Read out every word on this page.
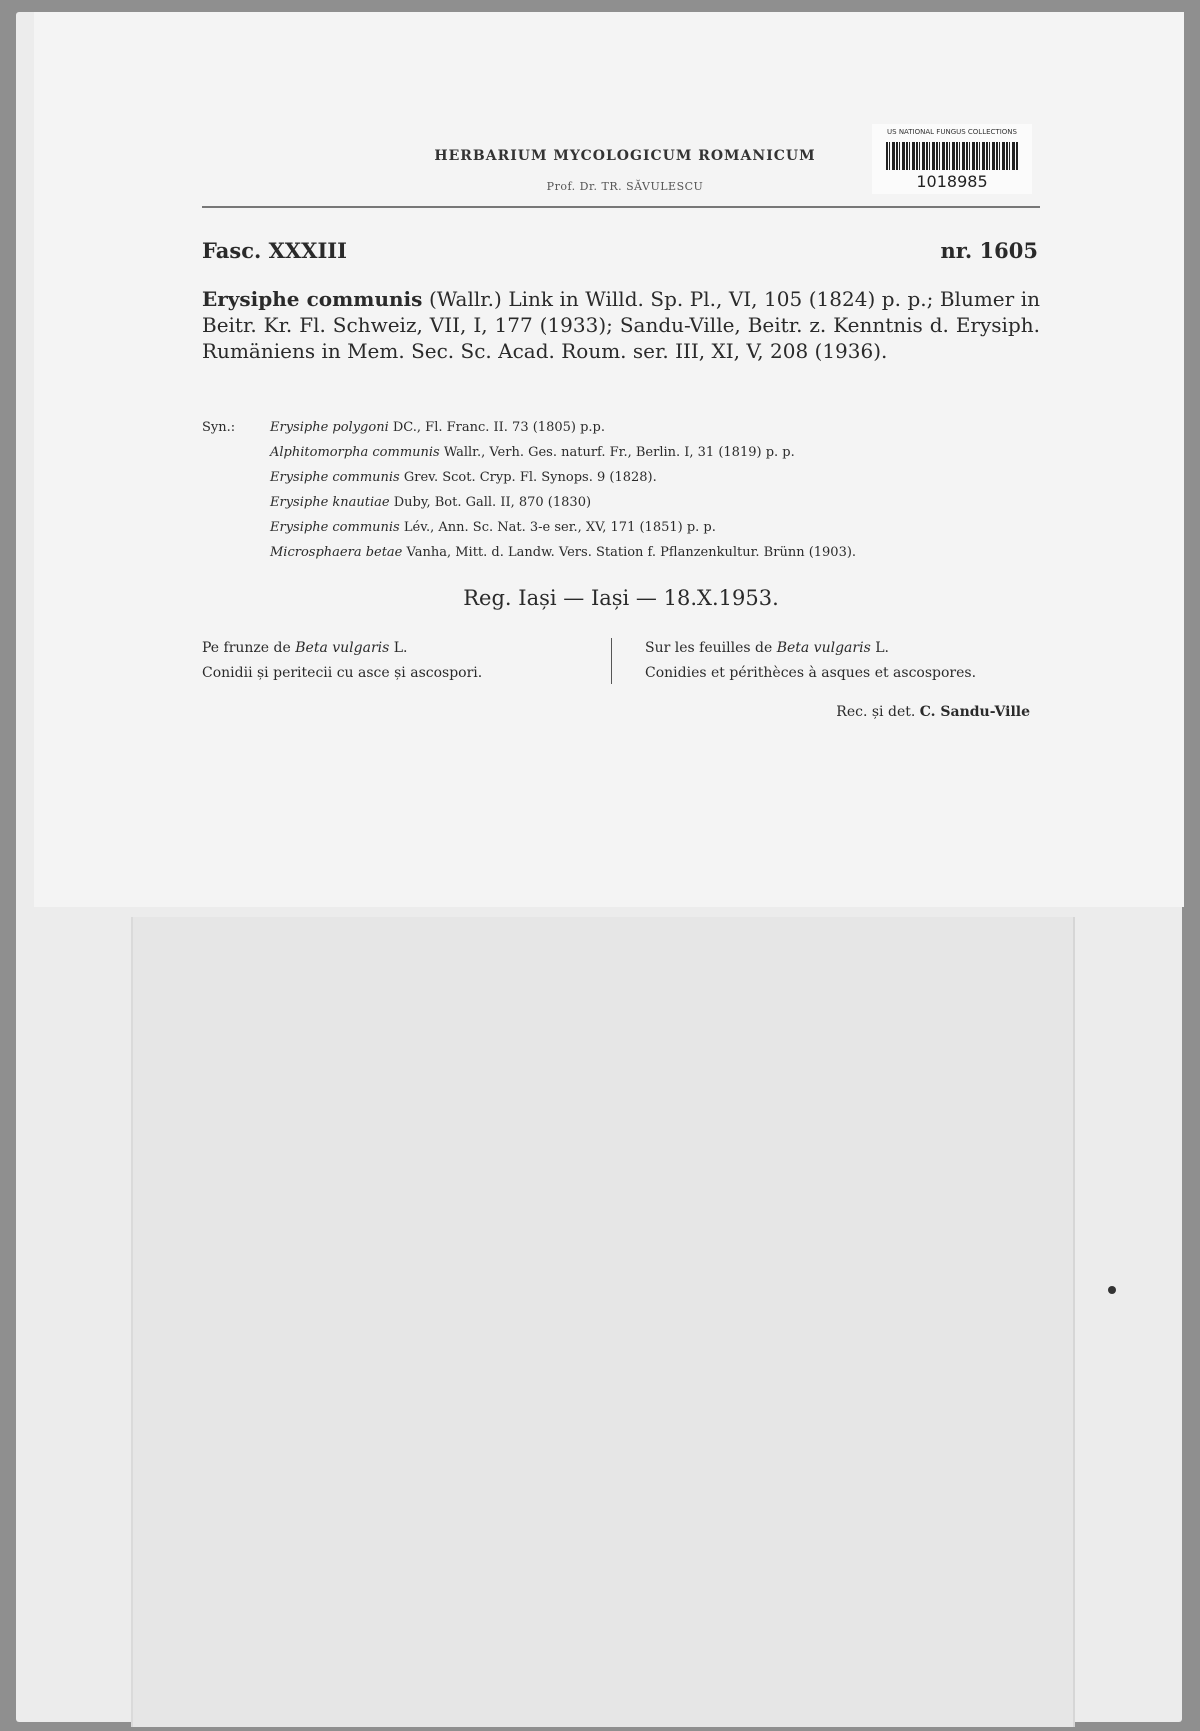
HERBARIUM MYCOLOGICUM ROMANICUM
Prof. Dr. TR. SĂVULESCU
US NATIONAL FUNGUS COLLECTIONS
1018985
Fasc. XXXIII	nr. 1605
Erysiphe communis (Wallr.) Link in Willd. Sp. Pl., VI, 105 (1824) p. p.; Blumer in Beitr. Kr. Fl. Schweiz, VII, I, 177 (1933); Sandu-Ville, Beitr. z. Kenntnis d. Erysiph. Rumäniens in Mem. Sec. Sc. Acad. Roum. ser. III, XI, V, 208 (1936).
Syn.:	Erysiphe polygoni DC., Fl. Franc. II. 73 (1805) p.p.
Alphitomorpha communis Wallr., Verh. Ges. naturf. Fr., Berlin. I, 31 (1819) p. p.
Erysiphe communis Grev. Scot. Cryp. Fl. Synops. 9 (1828).
Erysiphe knautiae Duby, Bot. Gall. II, 870 (1830)
Erysiphe communis Lév., Ann. Sc. Nat. 3-e ser., XV, 171 (1851) p. p.
Microsphaera betae Vanha, Mitt. d. Landw. Vers. Station f. Pflanzenkultur. Brünn (1903).
Reg. Iași — Iași — 18.X.1953.
Pe frunze de Beta vulgaris L.
Conidii și peritecii cu asce și ascospori.
Sur les feuilles de Beta vulgaris L.
Conidies et périthèces à asques et ascospores.
Rec. și det. C. Sandu-Ville
